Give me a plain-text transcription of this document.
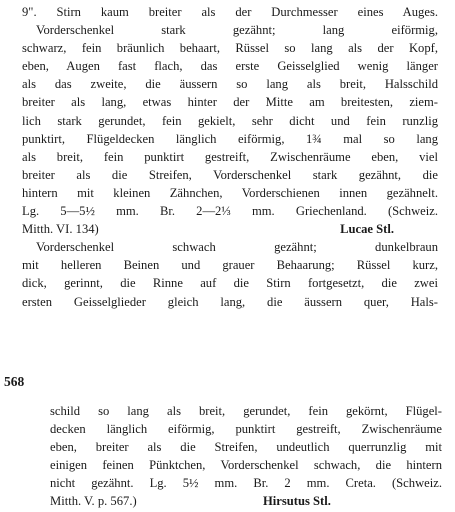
9". Stirn kaum breiter als der Durchmesser eines Auges.
Vorderschenkel stark gezähnt; lang eiförmig,
schwarz, fein bräunlich behaart, Rüssel so lang als der Kopf,
eben, Augen fast flach, das erste Geisselglied wenig länger
als das zweite, die äussern so lang als breit, Halsschild
breiter als lang, etwas hinter der Mitte am breitesten, ziem-
lich stark gerundet, fein gekielt, sehr dicht und fein runzlig
punktirt, Flügeldecken länglich eiförmig, 1¾ mal so lang
als breit, fein punktirt gestreift, Zwischenräume eben, viel
breiter als die Streifen, Vorderschenkel stark gezähnt, die
hintern mit kleinen Zähnchen, Vorderschienen innen gezähnelt.
Lg. 5—5½ mm. Br. 2—2⅓ mm. Griechenland. (Schweiz.
Mitth. VI. 134)	Lucae Stl.
Vorderschenkel schwach gezähnt; dunkelbraun
mit helleren Beinen und grauer Behaarung; Rüssel kurz,
dick, gerinnt, die Rinne auf die Stirn fortgesetzt, die zwei
ersten Geisselglieder gleich lang, die äussern quer, Hals-
568
schild so lang als breit, gerundet, fein gekörnt, Flügel-
decken länglich eiförmig, punktirt gestreift, Zwischenräume
eben, breiter als die Streifen, undeutlich querrunzlig mit
einigen feinen Pünktchen, Vorderschenkel schwach, die hintern
nicht gezähnt. Lg. 5½ mm. Br. 2 mm. Creta. (Schweiz.
Mitth. V. p. 567.)	Hirsutus Stl.
